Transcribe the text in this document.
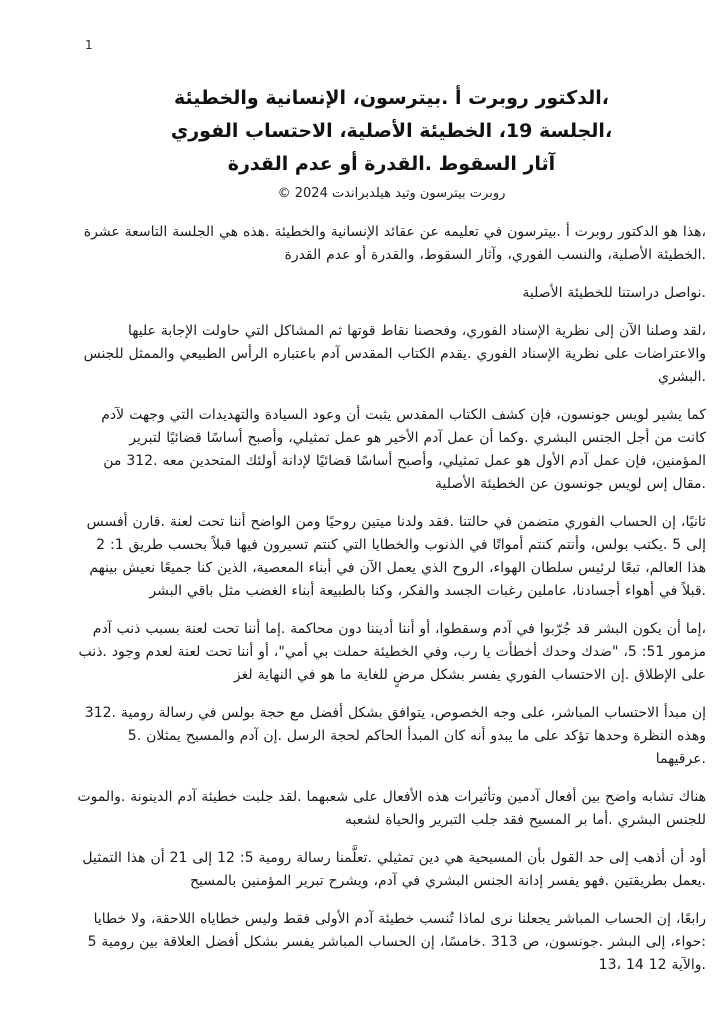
1
،الدكتور روبرت أ .بيترسون، الإنسانية والخطيئة
،الجلسة 19، الخطيئة الأصلية، الاحتساب الفوري
آثار السقوط .القدرة أو عدم القدرة
روبرت بيترسون وتيد هيلدبراندت 2024 ©

،هذا هو الدكتور روبرت أ .بيترسون في تعليمه عن عقائد الإنسانية والخطيئة .هذه هي الجلسة التاسعة عشرة .الخطيئة الأصلية، والنسب الفوري، وآثار السقوط، والقدرة أو عدم القدرة

.نواصل دراستنا للخطيئة الأصلية

،لقد وصلنا الآن إلى نظرية الإسناد الفوري، وفحصنا نقاط قوتها ثم المشاكل التي حاولت الإجابة عليها والاعتراضات على نظرية الإسناد الفوري .يقدم الكتاب المقدس آدم باعتباره الرأس الطبيعي والممثل للجنس .البشري

كما يشير لويس جونسون، فإن كشف الكتاب المقدس يثبت أن وعود السيادة والتهديدات التي وجهت لآدم كانت من أجل الجنس البشري .وكما أن عمل آدم الأخير هو عمل تمثيلي، وأصبح أساسًا قضائيًا لتبرير المؤمنين، فإن عمل آدم الأول هو عمل تمثيلي، وأصبح أساسًا قضائيًا لإدانة أولئك المتحدين معه .312 من .مقال إس لويس جونسون عن الخطيئة الأصلية

ثانيًا، إن الحساب الفوري متضمن في حالتنا .فقد ولدنا ميتين روحيًا ومن الواضح أننا تحت لعنة .قارن أفسس إلى 5 .يكتب بولس، وأنتم كنتم أمواتًا في الذنوب والخطايا التي كنتم تسيرون فيها قبلاً بحسب طريق 1: 2 هذا العالم، تبعًا لرئيس سلطان الهواء، الروح الذي يعمل الآن في أبناء المعصية، الذين كنا جميعًا نعيش بينهم .قبلاً في أهواء أجسادنا، عاملين رغبات الجسد والفكر، وكنا بالطبيعة أبناء الغضب مثل باقي البشر

،إما أن يكون البشر قد جُرّبوا في آدم وسقطوا، أو أننا أديننا دون محاكمة .إما أننا تحت لعنة بسبب ذنب آدم مزمور 51: 5، "ضدك وحدك أخطأت يا رب، وفي الخطيئة حملت بي أمي"، أو أننا تحت لعنة لعدم وجود .ذنب على الإطلاق .إن الاحتساب الفوري يفسر بشكل مرضٍ للغاية ما هو في النهاية لغز

إن مبدأ الاحتساب المباشر، على وجه الخصوص، يتوافق بشكل أفضل مع حجة بولس في رسالة رومية .312 وهذه النظرة وحدها تؤكد على ما يبدو أنه كان المبدأ الحاكم لحجة الرسل .إن آدم والمسيح يمثلان .5 .عرقيهما

هناك تشابه واضح بين أفعال آدمين وتأثيرات هذه الأفعال على شعبهما .لقد جلبت خطيئة آدم الدينونة .والموت للجنس البشري .أما بر المسيح فقد جلب التبرير والحياة لشعبه

أود أن أذهب إلى حد القول بأن المسيحية هي دين تمثيلي .تعلَّمنا رسالة رومية 5: 12 إلى 21 أن هذا التمثيل .يعمل بطريقتين .فهو يفسر إدانة الجنس البشري في آدم، ويشرح تبرير المؤمنين بالمسيح

رابعًا، إن الحساب المباشر يجعلنا نرى لماذا تُنسب خطيئة آدم الأولى فقط وليس خطاياه اللاحقة، ولا خطايا :حواء، إلى البشر .جونسون، ص 313 .خامسًا، إن الحساب المباشر يفسر بشكل أفضل العلاقة بين رومية 5 .والآية 12 14 ،13
